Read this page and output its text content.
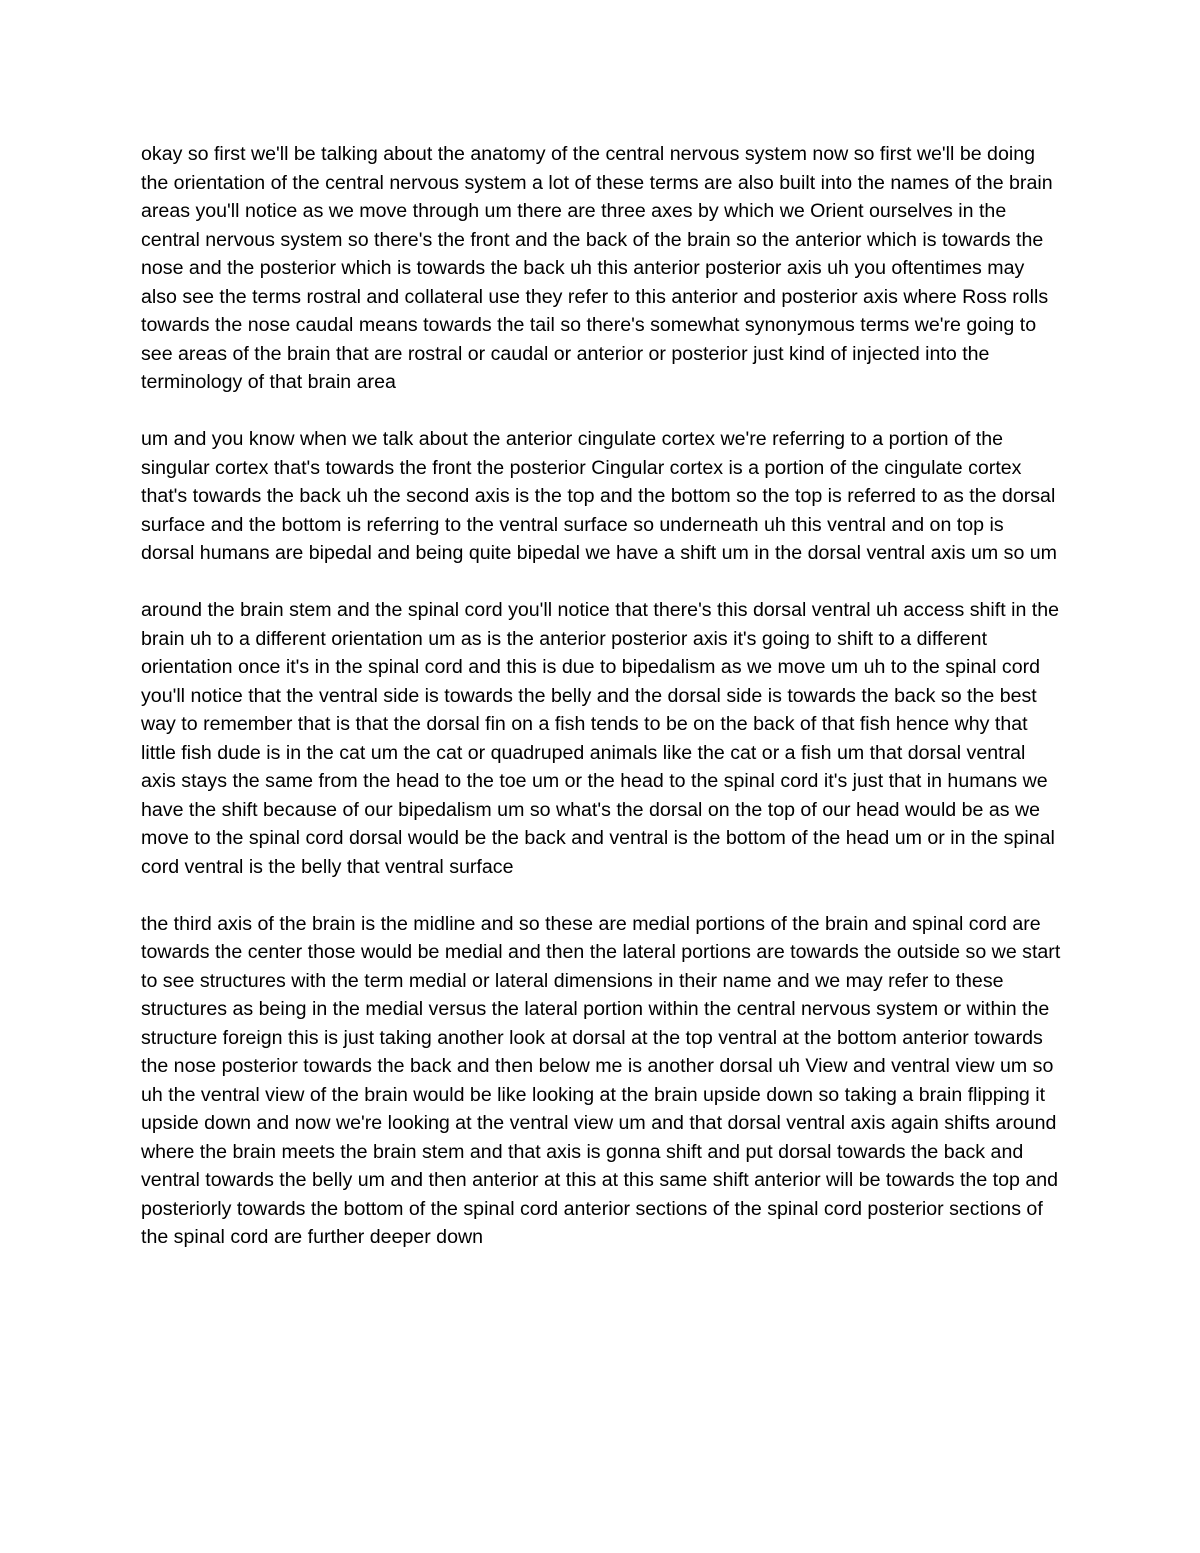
okay so first we'll be talking about the anatomy of the central nervous system now so first we'll be doing the orientation of the central nervous system a lot of these terms are also built into the names of the brain areas you'll notice as we move through um there are three axes by which we Orient ourselves in the central nervous system so there's the front and the back of the brain so the anterior which is towards the nose and the posterior which is towards the back uh this anterior posterior axis uh you oftentimes may also see the terms rostral and collateral use they refer to this anterior and posterior axis where Ross rolls towards the nose caudal means towards the tail so there's somewhat synonymous terms we're going to see areas of the brain that are rostral or caudal or anterior or posterior just kind of injected into the terminology of that brain area

um and you know when we talk about the anterior cingulate cortex we're referring to a portion of the singular cortex that's towards the front the posterior Cingular cortex is a portion of the cingulate cortex that's towards the back uh the second axis is the top and the bottom so the top is referred to as the dorsal surface and the bottom is referring to the ventral surface so underneath uh this ventral and on top is dorsal humans are bipedal and being quite bipedal we have a shift um in the dorsal ventral axis um so um

around the brain stem and the spinal cord you'll notice that there's this dorsal ventral uh access shift in the brain uh to a different orientation um as is the anterior posterior axis it's going to shift to a different orientation once it's in the spinal cord and this is due to bipedalism as we move um uh to the spinal cord you'll notice that the ventral side is towards the belly and the dorsal side is towards the back so the best way to remember that is that the dorsal fin on a fish tends to be on the back of that fish hence why that little fish dude is in the cat um the cat or quadruped animals like the cat or a fish um that dorsal ventral axis stays the same from the head to the toe um or the head to the spinal cord it's just that in humans we have the shift because of our bipedalism um so what's the dorsal on the top of our head would be as we move to the spinal cord dorsal would be the back and ventral is the bottom of the head um or in the spinal cord ventral is the belly that ventral surface

the third axis of the brain is the midline and so these are medial portions of the brain and spinal cord are towards the center those would be medial and then the lateral portions are towards the outside so we start to see structures with the term medial or lateral dimensions in their name and we may refer to these structures as being in the medial versus the lateral portion within the central nervous system or within the structure foreign this is just taking another look at dorsal at the top ventral at the bottom anterior towards the nose posterior towards the back and then below me is another dorsal uh View and ventral view um so uh the ventral view of the brain would be like looking at the brain upside down so taking a brain flipping it upside down and now we're looking at the ventral view um and that dorsal ventral axis again shifts around where the brain meets the brain stem and that axis is gonna shift and put dorsal towards the back and ventral towards the belly um and then anterior at this at this same shift anterior will be towards the top and posteriorly towards the bottom of the spinal cord anterior sections of the spinal cord posterior sections of the spinal cord are further deeper down
